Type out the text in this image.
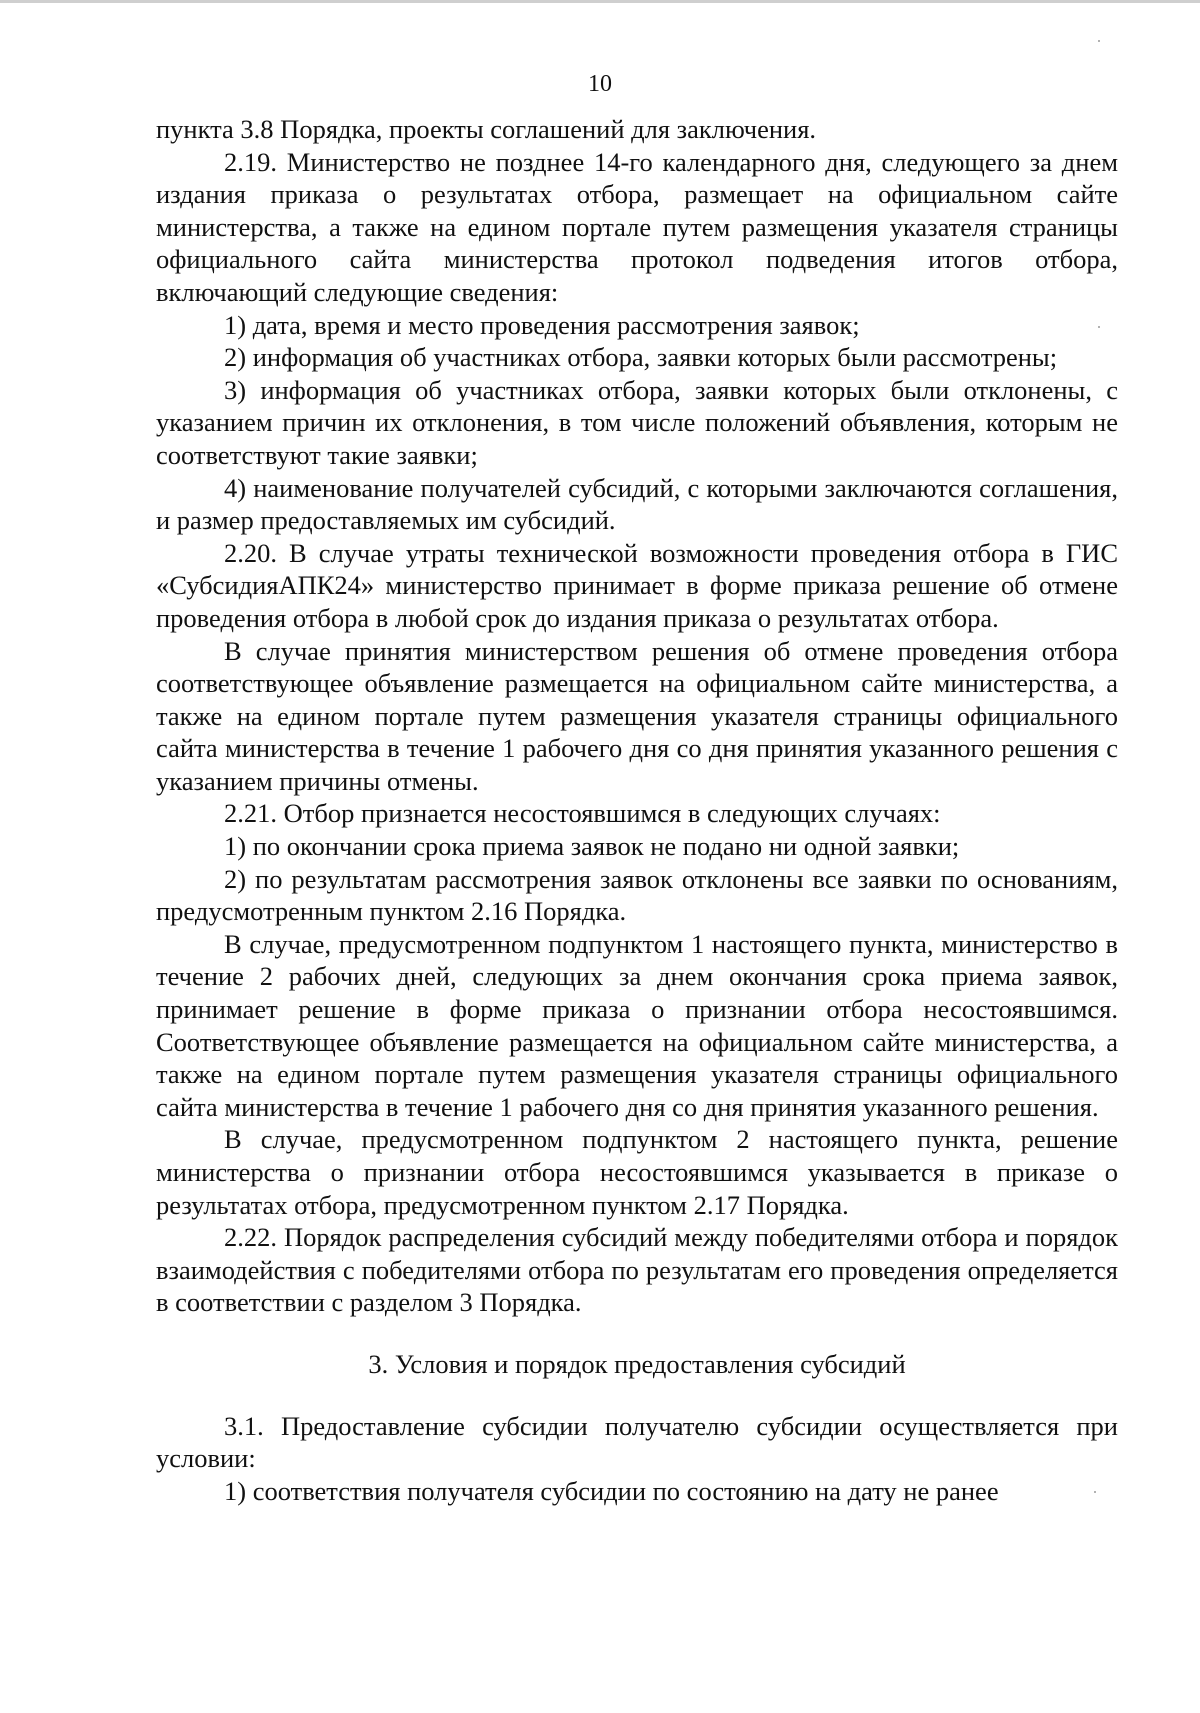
10

пункта 3.8 Порядка, проекты соглашений для заключения.

2.19. Министерство не позднее 14-го календарного дня, следующего за днем издания приказа о результатах отбора, размещает на официальном сайте министерства, а также на едином портале путем размещения указателя страницы официального сайта министерства протокол подведения итогов отбора, включающий следующие сведения:

1) дата, время и место проведения рассмотрения заявок;

2) информация об участниках отбора, заявки которых были рассмотрены;

3) информация об участниках отбора, заявки которых были отклонены, с указанием причин их отклонения, в том числе положений объявления, которым не соответствуют такие заявки;

4) наименование получателей субсидий, с которыми заключаются соглашения, и размер предоставляемых им субсидий.

2.20. В случае утраты технической возможности проведения отбора в ГИС «СубсидияАПК24» министерство принимает в форме приказа решение об отмене проведения отбора в любой срок до издания приказа о результатах отбора.

В случае принятия министерством решения об отмене проведения отбора соответствующее объявление размещается на официальном сайте министерства, а также на едином портале путем размещения указателя страницы официального сайта министерства в течение 1 рабочего дня со дня принятия указанного решения с указанием причины отмены.

2.21. Отбор признается несостоявшимся в следующих случаях:

1) по окончании срока приема заявок не подано ни одной заявки;

2) по результатам рассмотрения заявок отклонены все заявки по основаниям, предусмотренным пунктом 2.16 Порядка.

В случае, предусмотренном подпунктом 1 настоящего пункта, министерство в течение 2 рабочих дней, следующих за днем окончания срока приема заявок, принимает решение в форме приказа о признании отбора несостоявшимся. Соответствующее объявление размещается на официальном сайте министерства, а также на едином портале путем размещения указателя страницы официального сайта министерства в течение 1 рабочего дня со дня принятия указанного решения.

В случае, предусмотренном подпунктом 2 настоящего пункта, решение министерства о признании отбора несостоявшимся указывается в приказе о результатах отбора, предусмотренном пунктом 2.17 Порядка.

2.22. Порядок распределения субсидий между победителями отбора и порядок взаимодействия с победителями отбора по результатам его проведения определяется в соответствии с разделом 3 Порядка.

3. Условия и порядок предоставления субсидий

3.1. Предоставление субсидии получателю субсидии осуществляется при условии:

1) соответствия получателя субсидии по состоянию на дату не ранее
